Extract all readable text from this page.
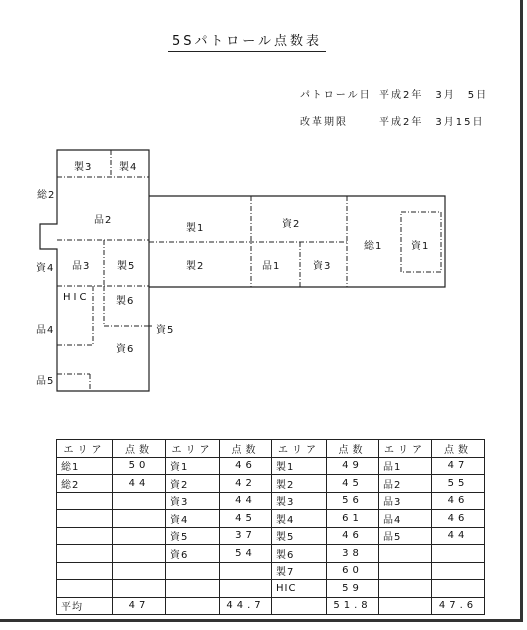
5Sパトロール点数表
パトロール日 平成2年　3月　5日
改革期限	平成2年　3月15日
総2
資4
品4	資5
品5
製3	製4
品2
製1	資2
総1	資1
品3	製5	製2	品1	資3
HIC	製6
資6
エリア	点数	エリア	点数	エリア	点数	エリア	点数
総1	50	資1	46	製1	49	品1	47
総2	44	資2	42	製2	45	品2	55
		資3	44	製3	56	品3	46
		資4	45	製4	61	品4	46
		資5	37	製5	46	品5	44
		資6	54	製6	38		
				製7	60		
				HIC	59		
平均	47		44.7		51.8		47.6
